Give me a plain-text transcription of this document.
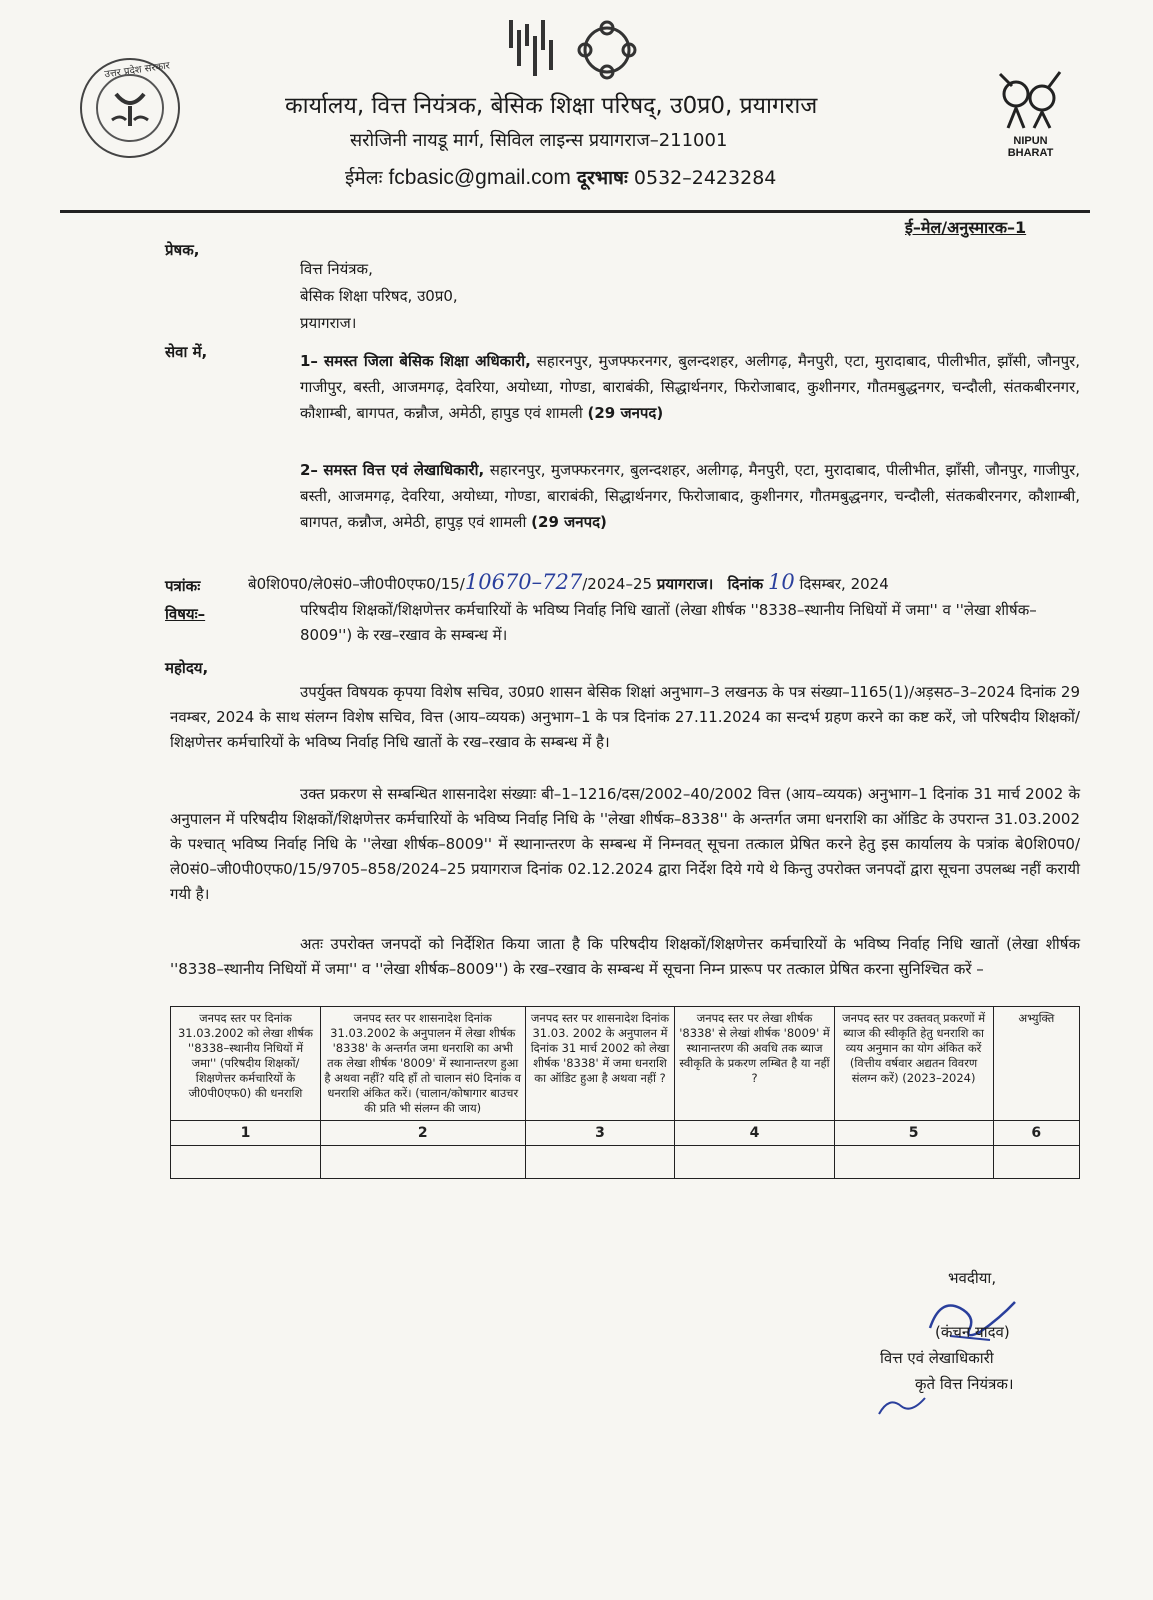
उत्तर प्रदेश सरकार
NIPUN
BHARAT
कार्यालय, वित्त नियंत्रक, बेसिक शिक्षा परिषद्, उ0प्र0, प्रयागराज
सरोजिनी नायडू मार्ग, सिविल लाइन्स प्रयागराज–211001
ईमेलः fcbasic@gmail.com दूरभाषः 0532–2423284
ई–मेल/अनुस्मारक–1
प्रेषक,
वित्त नियंत्रक,
बेसिक शिक्षा परिषद, उ0प्र0,
प्रयागराज।
सेवा में,	1– समस्त जिला बेसिक शिक्षा अधिकारी, सहारनपुर, मुजफ्फरनगर, बुलन्दशहर, अलीगढ़, मैनपुरी, एटा, मुरादाबाद, पीलीभीत, झाँसी, जौनपुर, गाजीपुर, बस्ती, आजमगढ़, देवरिया, अयोध्या, गोण्डा, बाराबंकी, सिद्धार्थनगर, फिरोजाबाद, कुशीनगर, गौतमबुद्धनगर, चन्दौली, संतकबीरनगर, कौशाम्बी, बागपत, कन्नौज, अमेठी, हापुड एवं शामली (29 जनपद)
2– समस्त वित्त एवं लेखाधिकारी, सहारनपुर, मुजफ्फरनगर, बुलन्दशहर, अलीगढ़, मैनपुरी, एटा, मुरादाबाद, पीलीभीत, झाँसी, जौनपुर, गाजीपुर, बस्ती, आजमगढ़, देवरिया, अयोध्या, गोण्डा, बाराबंकी, सिद्धार्थनगर, फिरोजाबाद, कुशीनगर, गौतमबुद्धनगर, चन्दौली, संतकबीरनगर, कौशाम्बी, बागपत, कन्नौज, अमेठी, हापुड़ एवं शामली (29 जनपद)
पत्रांकः	बे0शि0प0/ले0सं0–जी0पी0एफ0/15/10670–727/2024–25 प्रयागराज। दिनांक 10 दिसम्बर, 2024
विषयः–	परिषदीय शिक्षकों/शिक्षणेत्तर कर्मचारियों के भविष्य निर्वाह निधि खातों (लेखा शीर्षक ''8338–स्थानीय निधियों में जमा'' व ''लेखा शीर्षक–8009'') के रख–रखाव के सम्बन्ध में।
महोदय,
उपर्युक्त विषयक कृपया विशेष सचिव, उ0प्र0 शासन बेसिक शिक्षां अनुभाग–3 लखनऊ के पत्र संख्या–1165(1)/अड़सठ–3–2024 दिनांक 29 नवम्बर, 2024 के साथ संलग्न विशेष सचिव, वित्त (आय–व्ययक) अनुभाग–1 के पत्र दिनांक 27.11.2024 का सन्दर्भ ग्रहण करने का कष्ट करें, जो परिषदीय शिक्षकों/शिक्षणेत्तर कर्मचारियों के भविष्य निर्वाह निधि खातों के रख–रखाव के सम्बन्ध में है।
उक्त प्रकरण से सम्बन्धित शासनादेश संख्याः बी–1–1216/दस/2002–40/2002 वित्त (आय–व्ययक) अनुभाग–1 दिनांक 31 मार्च 2002 के अनुपालन में परिषदीय शिक्षकों/शिक्षणेत्तर कर्मचारियों के भविष्य निर्वाह निधि के ''लेखा शीर्षक–8338'' के अन्तर्गत जमा धनराशि का ऑडिट के उपरान्त 31.03.2002 के पश्चात् भविष्य निर्वाह निधि के ''लेखा शीर्षक–8009'' में स्थानान्तरण के सम्बन्ध में निम्नवत् सूचना तत्काल प्रेषित करने हेतु इस कार्यालय के पत्रांक बे0शि0प0/ले0सं0–जी0पी0एफ0/15/9705–858/2024–25 प्रयागराज दिनांक 02.12.2024 द्वारा निर्देश दिये गये थे किन्तु उपरोक्त जनपदों द्वारा सूचना उपलब्ध नहीं करायी गयी है।
अतः उपरोक्त जनपदों को निर्देशित किया जाता है कि परिषदीय शिक्षकों/शिक्षणेत्तर कर्मचारियों के भविष्य निर्वाह निधि खातों (लेखा शीर्षक ''8338–स्थानीय निधियों में जमा'' व ''लेखा शीर्षक–8009'') के रख–रखाव के सम्बन्ध में सूचना निम्न प्रारूप पर तत्काल प्रेषित करना सुनिश्चित करें –
जनपद स्तर पर दिनांक 31.03.2002 को लेखा शीर्षक ''8338–स्थानीय निधियों में जमा'' (परिषदीय शिक्षकों/शिक्षणेत्तर कर्मचारियों के जी0पी0एफ0) की धनराशि	जनपद स्तर पर शासनादेश दिनांक 31.03.2002 के अनुपालन में लेखा शीर्षक '8338' के अन्तर्गत जमा धनराशि का अभी तक लेखा शीर्षक '8009' में स्थानान्तरण हुआ है अथवा नहीं? यदि हाँ तो चालान सं0 दिनांक व धनराशि अंकित करें। (चालान/कोषागार बाउचर की प्रति भी संलग्न की जाय)	जनपद स्तर पर शासनादेश दिनांक 31.03. 2002 के अनुपालन में दिनांक 31 मार्च 2002 को लेखा शीर्षक '8338' में जमा धनराशि का ऑडिट हुआ है अथवा नहीं ?	जनपद स्तर पर लेखा शीर्षक '8338' से लेखां शीर्षक '8009' में स्थानान्तरण की अवधि तक ब्याज स्वीकृति के प्रकरण लम्बित है या नहीं ?	जनपद स्तर पर उक्तवत् प्रकरणों में ब्याज की स्वीकृति हेतु धनराशि का व्यय अनुमान का योग अंकित करें (वित्तीय वर्षवार अद्यतन विवरण संलग्न करें) (2023–2024)	अभ्युक्ति
1	2	3	4	5	6

भवदीया,
(कंचन यादव)
वित्त एवं लेखाधिकारी
कृते वित्त नियंत्रक।
